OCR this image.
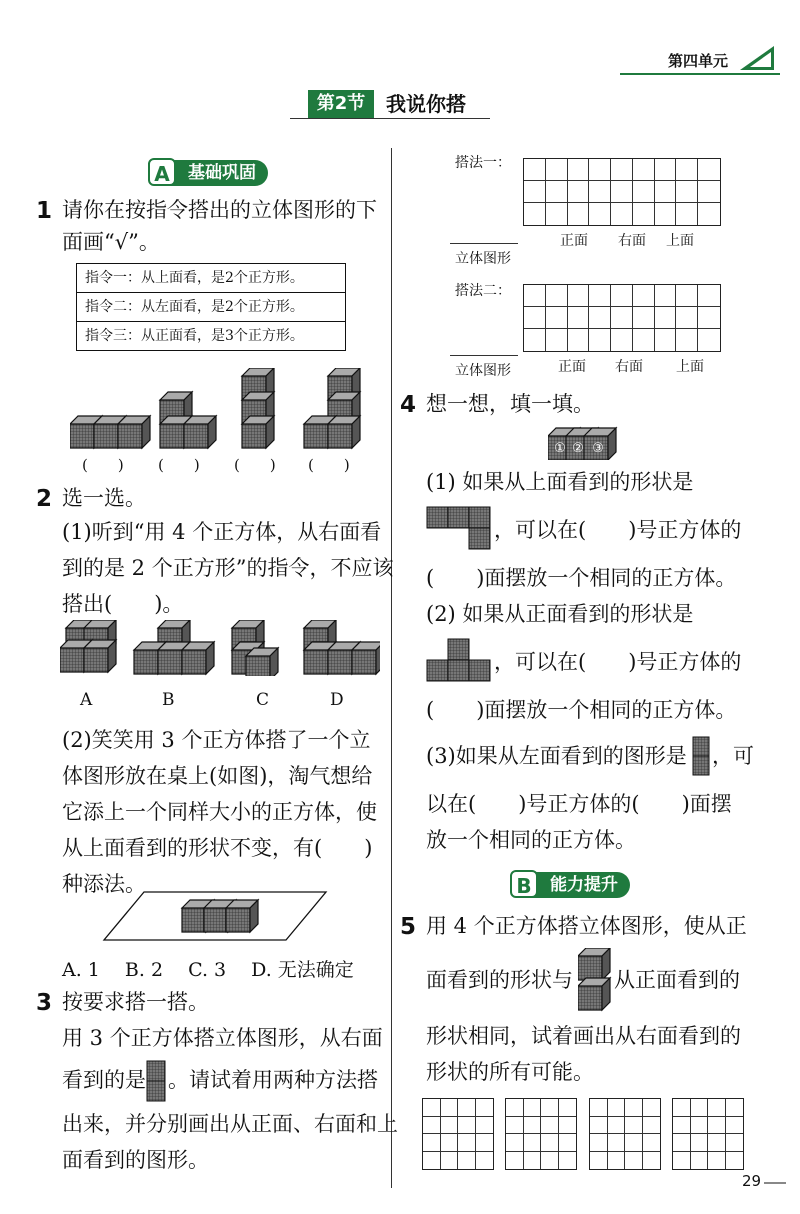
第四单元
第2节	我说你搭
A	基础巩固
1 请你在按指令搭出的立体图形的下
面画“√”。
指令一：从上面看，是2个正方形。
指令二：从左面看，是2个正方形。
指令三：从正面看，是3个正方形。
(　　) (　　) (　　) (　　)
2 选一选。
(1)听到“用 4 个正方体，从右面看
到的是 2 个正方形”的指令，不应该
搭出(　　)。
A	B	C	D
(2)笑笑用 3 个正方体搭了一个立
体图形放在桌上(如图)，淘气想给
它添上一个同样大小的正方体，使
从上面看到的形状不变，有(　　)
种添法。
A. 1　 B. 2　 C. 3　 D. 无法确定
3 按要求搭一搭。
用 3 个正方体搭立体图形，从右面
看到的是 。请试着用两种方法搭
出来，并分别画出从正面、右面和上
面看到的图形。
搭法一：
立体图形
正面 右面 上面
搭法二：
立体图形	正面 右面 上面
4 想一想，填一填。
① ② ③
(1) 如果从上面看到的形状是
，可以在(　　)号正方体的
(　　)面摆放一个相同的正方体。
(2) 如果从正面看到的形状是
，可以在(　　)号正方体的
(　　)面摆放一个相同的正方体。
(3)如果从左面看到的图形是 ，可
以在(　　)号正方体的(　　)面摆
放一个相同的正方体。
B	能力提升
5 用 4 个正方体搭立体图形，使从正
面看到的形状与 从正面看到的
形状相同，试着画出从右面看到的
形状的所有可能。
29
